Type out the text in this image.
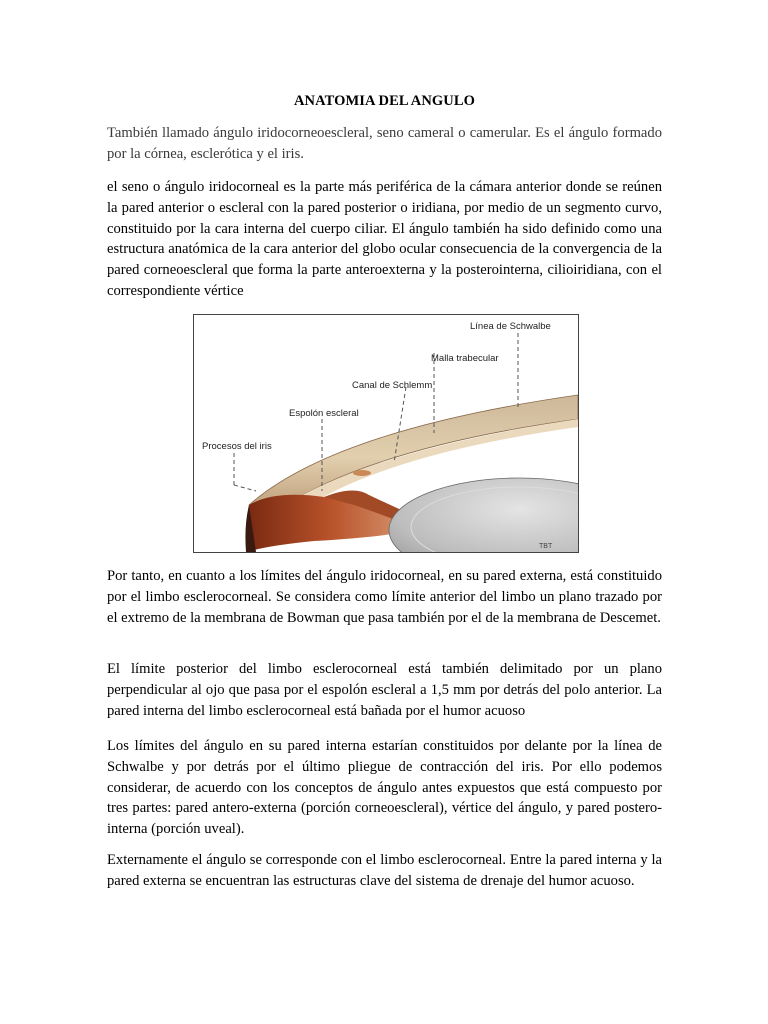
ANATOMIA DEL ANGULO

También llamado ángulo iridocorneoescleral, seno cameral o camerular. Es el ángulo formado por la córnea, esclerótica y el iris.

el seno o ángulo iridocorneal es la parte más periférica de la cámara anterior donde se reúnen la pared anterior o escleral con la pared posterior o iridiana, por medio de un segmento curvo, constituido por la cara interna del cuerpo ciliar. El ángulo también ha sido definido como una estructura anatómica de la cara anterior del globo ocular consecuencia de la convergencia de la pared corneoescleral que forma la parte anteroexterna y la posterointerna, cilioiridiana, con el correspondiente vértice

Por tanto, en cuanto a los límites del ángulo iridocorneal, en su pared externa, está constituido por el limbo esclerocorneal. Se considera como límite anterior del limbo un plano trazado por el extremo de la membrana de Bowman que pasa también por el de la membrana de Descemet.

El límite posterior del limbo esclerocorneal está también delimitado por un plano perpendicular al ojo que pasa por el espolón escleral a 1,5 mm por detrás del polo anterior. La pared interna del limbo esclerocorneal está bañada por el humor acuoso

Los límites del ángulo en su pared interna estarían constituidos por delante por la línea de Schwalbe y por detrás por el último pliegue de contracción del iris. Por ello podemos considerar, de acuerdo con los conceptos de ángulo antes expuestos que está compuesto por tres partes: pared antero-externa (porción corneoescleral), vértice del ángulo, y pared postero-interna (porción uveal).

Externamente el ángulo se corresponde con el limbo esclerocorneal. Entre la pared interna y la pared externa se encuentran las estructuras clave del sistema de drenaje del humor acuoso.

Línea de Schwalbe
Malla trabecular
Canal de Schlemm
Espolón escleral
Procesos del iris
TBT
